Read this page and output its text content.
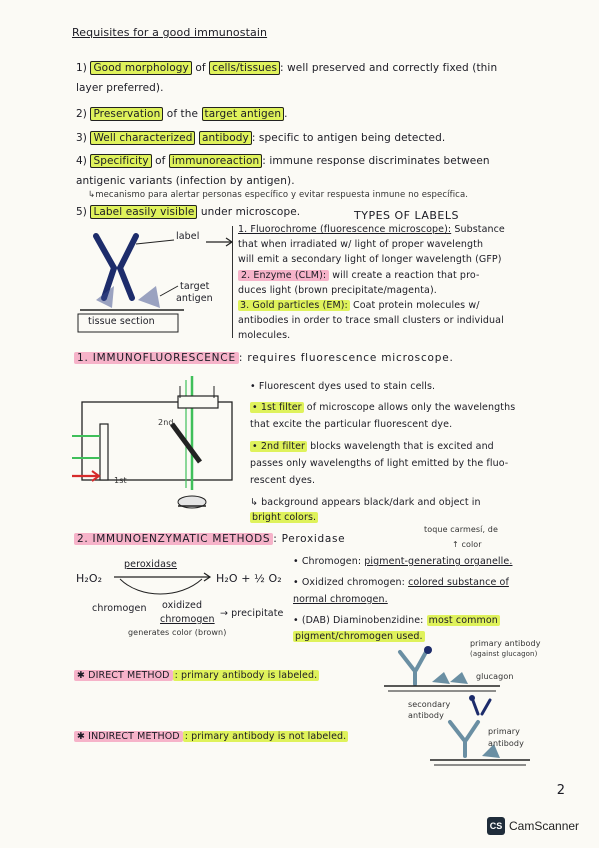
Requisites for a good immunostain
1) Good morphology of cells/tissues : well preserved and correctly fixed (thin
layer preferred).
2) Preservation of the target antigen .
3) Well characterized antibody : specific to antigen being detected.
4) Specificity of immunoreaction : immune response discriminates between
antigenic variants (infection by antigen).
↳mecanismo para alertar personas específico y evitar respuesta inmune no específica.
5) Label easily visible under microscope.	TYPES OF LABELS
label
target
antigen
tissue section
1. Fluorochrome (fluorescence microscope): Substance
that when irradiated w/ light of proper wavelength
will emit a secondary light of longer wavelength (GFP)
2. Enzyme (CLM): will create a reaction that pro-
duces light (brown precipitate/magenta).
3. Gold particles (EM): Coat protein molecules w/
antibodies in order to trace small clusters or individual
molecules.
1. IMMUNOFLUORESCENCE : requires fluorescence microscope.
2nd
1st
• Fluorescent dyes used to stain cells.
• 1st filter of microscope allows only the wavelengths
that excite the particular fluorescent dye.
• 2nd filter blocks wavelength that is excited and
passes only wavelengths of light emitted by the fluo-
rescent dyes.
↳ background appears black/dark and object in
bright colors.
2. IMMUNOENZYMATIC METHODS : Peroxidase
toque carmesí, de
↑ color
H₂O₂
peroxidase
H₂O + ½ O₂
chromogen oxidized
chromogen
→ precipitate
generates color (brown)
• Chromogen: pigment-generating organelle.
• Oxidized chromogen: colored substance of
normal chromogen.
• (DAB) Diaminobenzidine: most common
pigment/chromogen used.
✱ DIRECT METHOD : primary antibody is labeled.
✱ INDIRECT METHOD : primary antibody is not labeled.
primary antibody
(against glucagon)
glucagon
secondary
antibody
primary
antibody
2
CS CamScanner
